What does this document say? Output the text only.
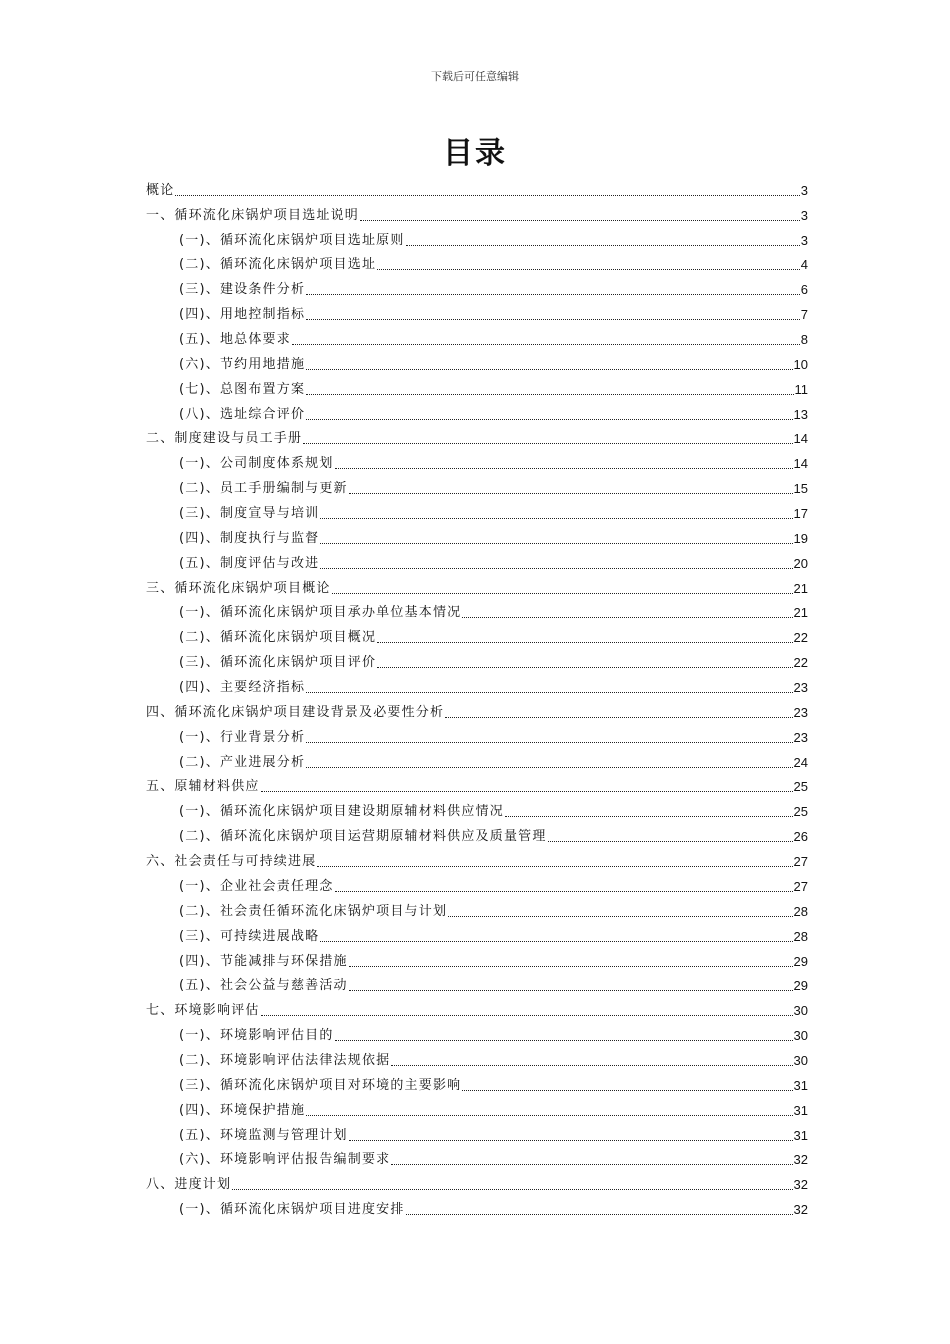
下载后可任意编辑
目录
概论	3
一、循环流化床锅炉项目选址说明	3
(一)、循环流化床锅炉项目选址原则	3
(二)、循环流化床锅炉项目选址	4
(三)、建设条件分析	6
(四)、用地控制指标	7
(五)、地总体要求	8
(六)、节约用地措施	10
(七)、总图布置方案	11
(八)、选址综合评价	13
二、制度建设与员工手册	14
(一)、公司制度体系规划	14
(二)、员工手册编制与更新	15
(三)、制度宣导与培训	17
(四)、制度执行与监督	19
(五)、制度评估与改进	20
三、循环流化床锅炉项目概论	21
(一)、循环流化床锅炉项目承办单位基本情况	21
(二)、循环流化床锅炉项目概况	22
(三)、循环流化床锅炉项目评价	22
(四)、主要经济指标	23
四、循环流化床锅炉项目建设背景及必要性分析	23
(一)、行业背景分析	23
(二)、产业进展分析	24
五、原辅材料供应	25
(一)、循环流化床锅炉项目建设期原辅材料供应情况	25
(二)、循环流化床锅炉项目运营期原辅材料供应及质量管理	26
六、社会责任与可持续进展	27
(一)、企业社会责任理念	27
(二)、社会责任循环流化床锅炉项目与计划	28
(三)、可持续进展战略	28
(四)、节能减排与环保措施	29
(五)、社会公益与慈善活动	29
七、环境影响评估	30
(一)、环境影响评估目的	30
(二)、环境影响评估法律法规依据	30
(三)、循环流化床锅炉项目对环境的主要影响	31
(四)、环境保护措施	31
(五)、环境监测与管理计划	31
(六)、环境影响评估报告编制要求	32
八、进度计划	32
(一)、循环流化床锅炉项目进度安排	32
